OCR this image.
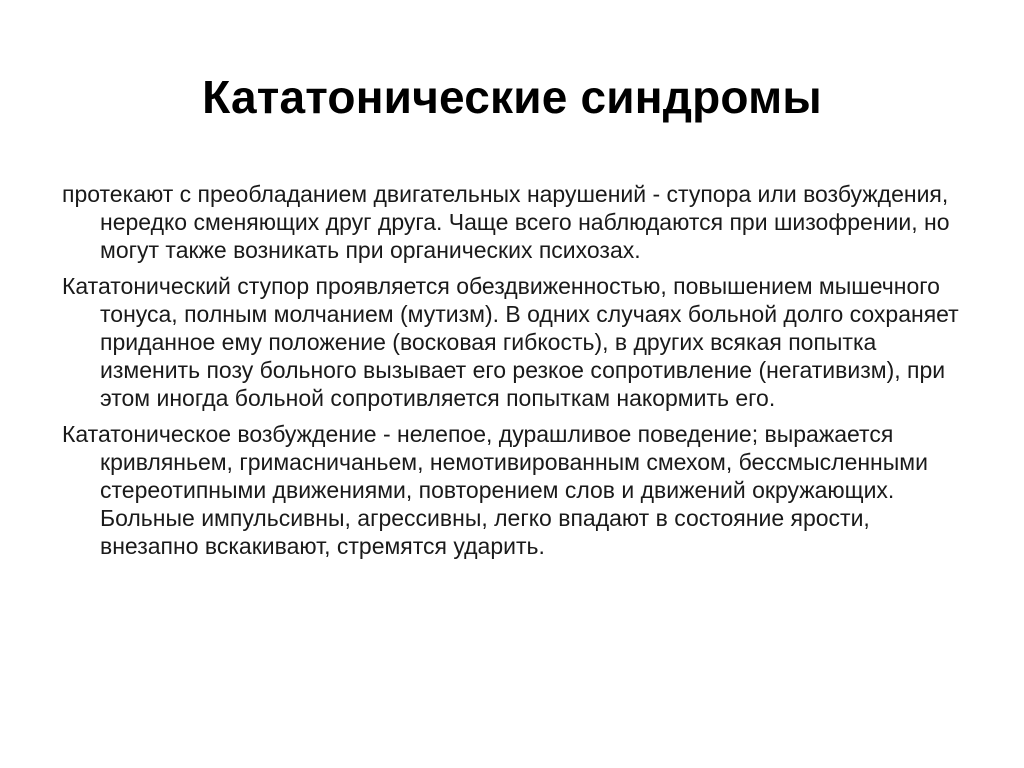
Кататонические синдромы
протекают с преобладанием двигательных нарушений - ступора или возбуждения, нередко сменяющих друг друга. Чаще всего наблюдаются при шизофрении, но могут также возникать при органических психозах.
Кататонический ступор проявляется обездвиженностью, повышением мышечного тонуса, полным молчанием (мутизм). В одних случаях больной долго сохраняет приданное ему положение (восковая гибкость), в других всякая попытка изменить позу больного вызывает его резкое сопротивление (негативизм), при этом иногда больной сопротивляется попыткам накормить его.
Кататоническое возбуждение - нелепое, дурашливое поведение; выражается кривляньем, гримасничаньем, немотивированным смехом, бессмысленными стереотипными движениями, повторением слов и движений окружающих. Больные импульсивны, агрессивны, легко впадают в состояние ярости, внезапно вскакивают, стремятся ударить.
